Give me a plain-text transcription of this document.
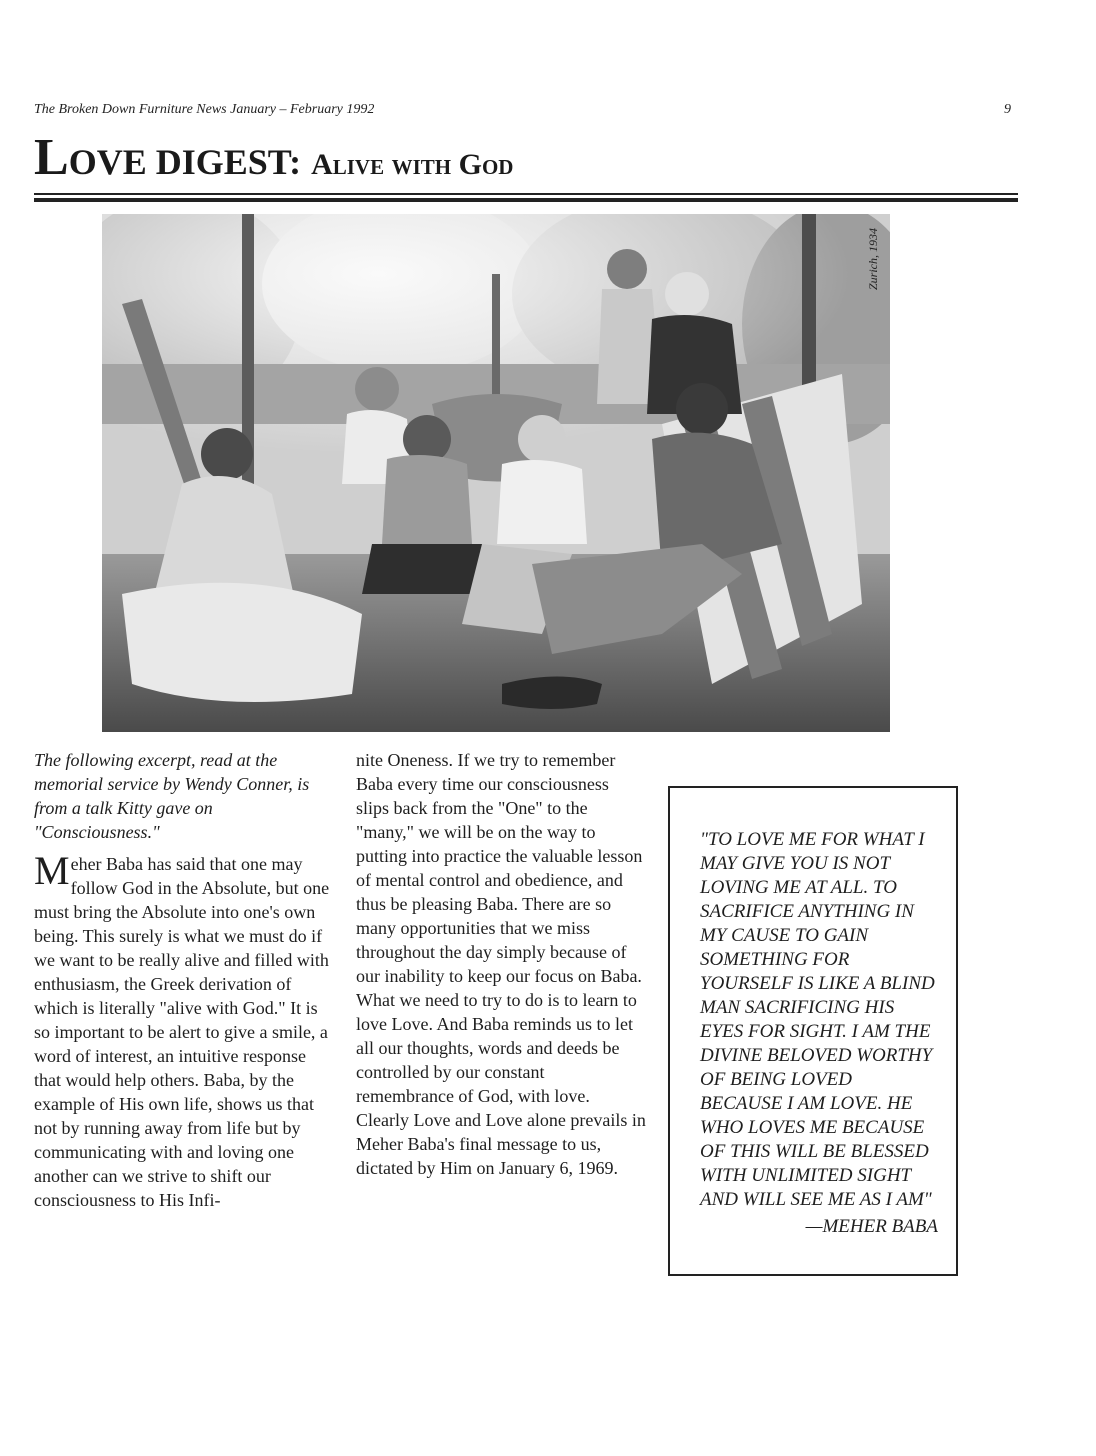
The Broken Down Furniture News January – February 1992	9
LOVE DIGEST: Alive with God
Zurich, 1934

The following excerpt, read at the memorial service by Wendy Conner, is from a talk Kitty gave on "Consciousness."

Meher Baba has said that one may follow God in the Absolute, but one must bring the Absolute into one's own being. This surely is what we must do if we want to be really alive and filled with enthusiasm, the Greek derivation of which is literally "alive with God." It is so important to be alert to give a smile, a word of interest, an intuitive response that would help others. Baba, by the example of His own life, shows us that not by running away from life but by communicating with and loving one another can we strive to shift our consciousness to His Infi-

nite Oneness. If we try to remember Baba every time our consciousness slips back from the "One" to the "many," we will be on the way to putting into practice the valuable lesson of mental control and obedience, and thus be pleasing Baba. There are so many opportunities that we miss throughout the day simply because of our inability to keep our focus on Baba. What we need to try to do is to learn to love Love. And Baba reminds us to let all our thoughts, words and deeds be controlled by our constant remembrance of God, with love. Clearly Love and Love alone prevails in Meher Baba's final message to us, dictated by Him on January 6, 1969.

"TO LOVE ME FOR WHAT I MAY GIVE YOU IS NOT LOVING ME AT ALL. TO SACRIFICE ANYTHING IN MY CAUSE TO GAIN SOMETHING FOR YOURSELF IS LIKE A BLIND MAN SACRIFICING HIS EYES FOR SIGHT. I AM THE DIVINE BELOVED WORTHY OF BEING LOVED BECAUSE I AM LOVE. HE WHO LOVES ME BECAUSE OF THIS WILL BE BLESSED WITH UNLIMITED SIGHT AND WILL SEE ME AS I AM"

—MEHER BABA
